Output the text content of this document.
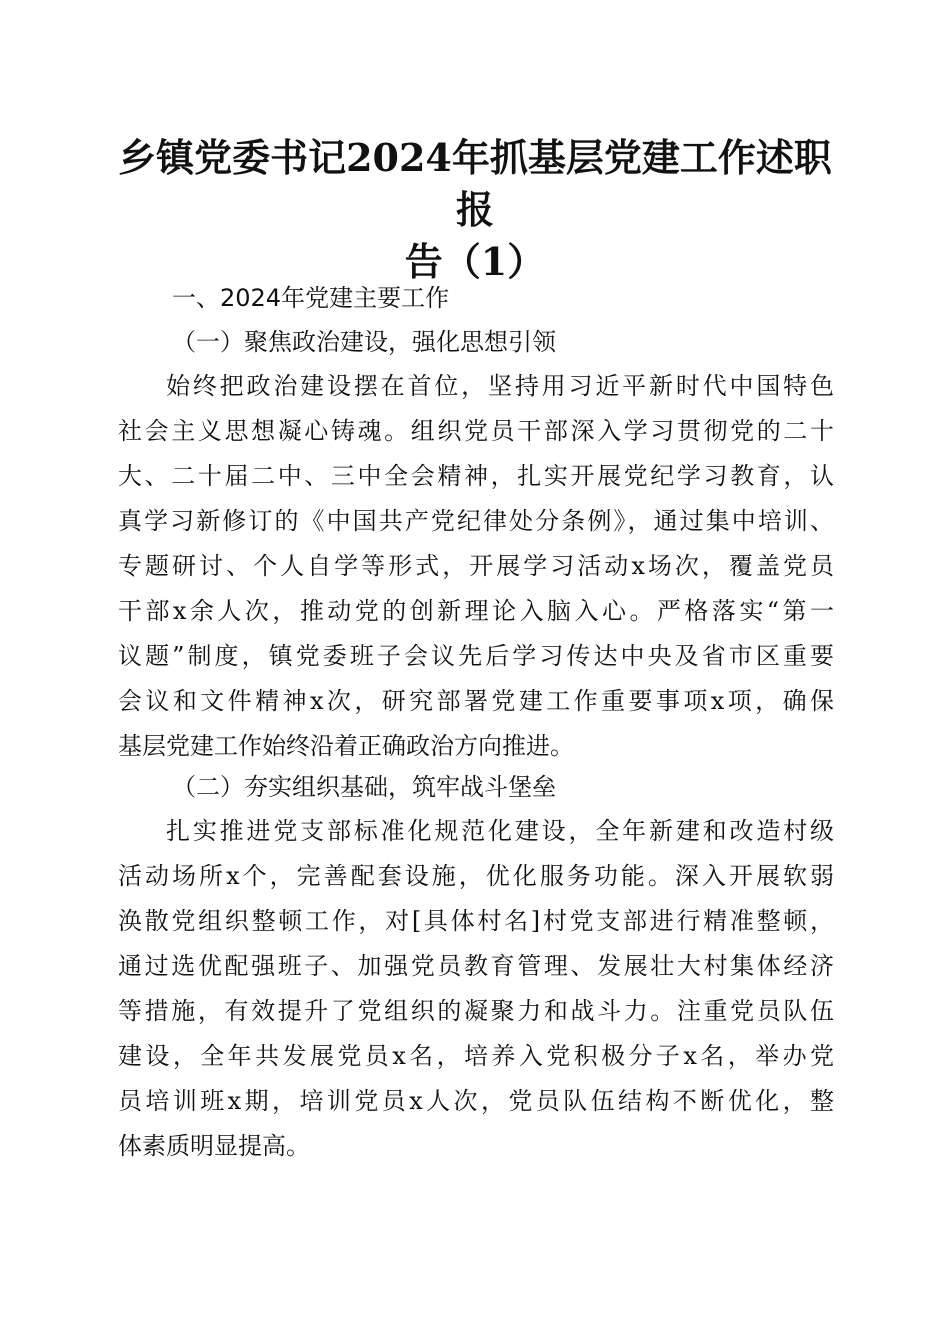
乡镇党委书记2024年抓基层党建工作述职报
告（1）

一、2024年党建主要工作

（一）聚焦政治建设，强化思想引领

始终把政治建设摆在首位，坚持用习近平新时代中国特色
社会主义思想凝心铸魂。组织党员干部深入学习贯彻党的二十
大、二十届二中、三中全会精神，扎实开展党纪学习教育，认
真学习新修订的《中国共产党纪律处分条例》，通过集中培训、
专题研讨、个人自学等形式，开展学习活动x场次，覆盖党员
干部x余人次，推动党的创新理论入脑入心。严格落实“第一
议题”制度，镇党委班子会议先后学习传达中央及省市区重要
会议和文件精神x次，研究部署党建工作重要事项x项，确保
基层党建工作始终沿着正确政治方向推进。

（二）夯实组织基础，筑牢战斗堡垒

扎实推进党支部标准化规范化建设，全年新建和改造村级
活动场所x个，完善配套设施，优化服务功能。深入开展软弱
涣散党组织整顿工作，对[具体村名]村党支部进行精准整顿，
通过选优配强班子、加强党员教育管理、发展壮大村集体经济
等措施，有效提升了党组织的凝聚力和战斗力。注重党员队伍
建设，全年共发展党员x名，培养入党积极分子x名，举办党
员培训班x期，培训党员x人次，党员队伍结构不断优化，整
体素质明显提高。
